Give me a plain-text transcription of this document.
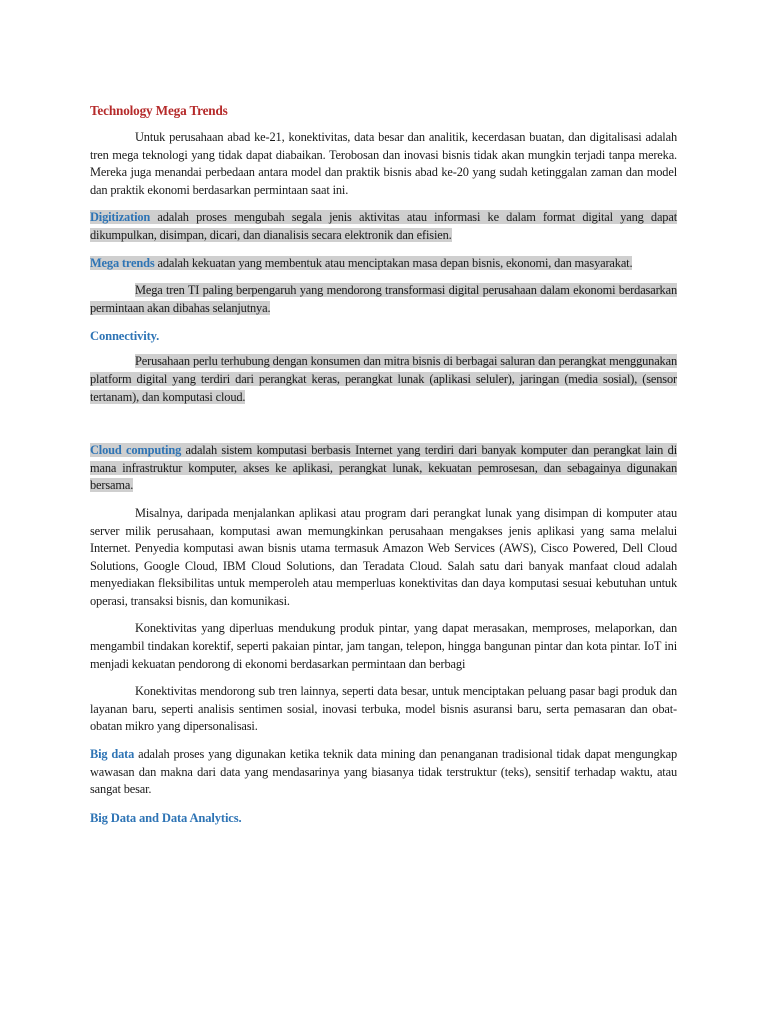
Technology Mega Trends

Untuk perusahaan abad ke-21, konektivitas, data besar dan analitik, kecerdasan buatan, dan digitalisasi adalah tren mega teknologi yang tidak dapat diabaikan. Terobosan dan inovasi bisnis tidak akan mungkin terjadi tanpa mereka. Mereka juga menandai perbedaan antara model dan praktik bisnis abad ke-20 yang sudah ketinggalan zaman dan model dan praktik ekonomi berdasarkan permintaan saat ini.

Digitization adalah proses mengubah segala jenis aktivitas atau informasi ke dalam format digital yang dapat dikumpulkan, disimpan, dicari, dan dianalisis secara elektronik dan efisien.

Mega trends adalah kekuatan yang membentuk atau menciptakan masa depan bisnis, ekonomi, dan masyarakat.

Mega tren TI paling berpengaruh yang mendorong transformasi digital perusahaan dalam ekonomi berdasarkan permintaan akan dibahas selanjutnya.

Connectivity.

Perusahaan perlu terhubung dengan konsumen dan mitra bisnis di berbagai saluran dan perangkat menggunakan platform digital yang terdiri dari perangkat keras, perangkat lunak (aplikasi seluler), jaringan (media sosial), (sensor tertanam), dan komputasi cloud.

Cloud computing adalah sistem komputasi berbasis Internet yang terdiri dari banyak komputer dan perangkat lain di mana infrastruktur komputer, akses ke aplikasi, perangkat lunak, kekuatan pemrosesan, dan sebagainya digunakan bersama.

Misalnya, daripada menjalankan aplikasi atau program dari perangkat lunak yang disimpan di komputer atau server milik perusahaan, komputasi awan memungkinkan perusahaan mengakses jenis aplikasi yang sama melalui Internet. Penyedia komputasi awan bisnis utama termasuk Amazon Web Services (AWS), Cisco Powered, Dell Cloud Solutions, Google Cloud, IBM Cloud Solutions, dan Teradata Cloud. Salah satu dari banyak manfaat cloud adalah menyediakan fleksibilitas untuk memperoleh atau memperluas konektivitas dan daya komputasi sesuai kebutuhan untuk operasi, transaksi bisnis, dan komunikasi.

Konektivitas yang diperluas mendukung produk pintar, yang dapat merasakan, memproses, melaporkan, dan mengambil tindakan korektif, seperti pakaian pintar, jam tangan, telepon, hingga bangunan pintar dan kota pintar. IoT ini menjadi kekuatan pendorong di ekonomi berdasarkan permintaan dan berbagi

Konektivitas mendorong sub tren lainnya, seperti data besar, untuk menciptakan peluang pasar bagi produk dan layanan baru, seperti analisis sentimen sosial, inovasi terbuka, model bisnis asuransi baru, serta pemasaran dan obat-obatan mikro yang dipersonalisasi.

Big data adalah proses yang digunakan ketika teknik data mining dan penanganan tradisional tidak dapat mengungkap wawasan dan makna dari data yang mendasarinya yang biasanya tidak terstruktur (teks), sensitif terhadap waktu, atau sangat besar.

Big Data and Data Analytics.
